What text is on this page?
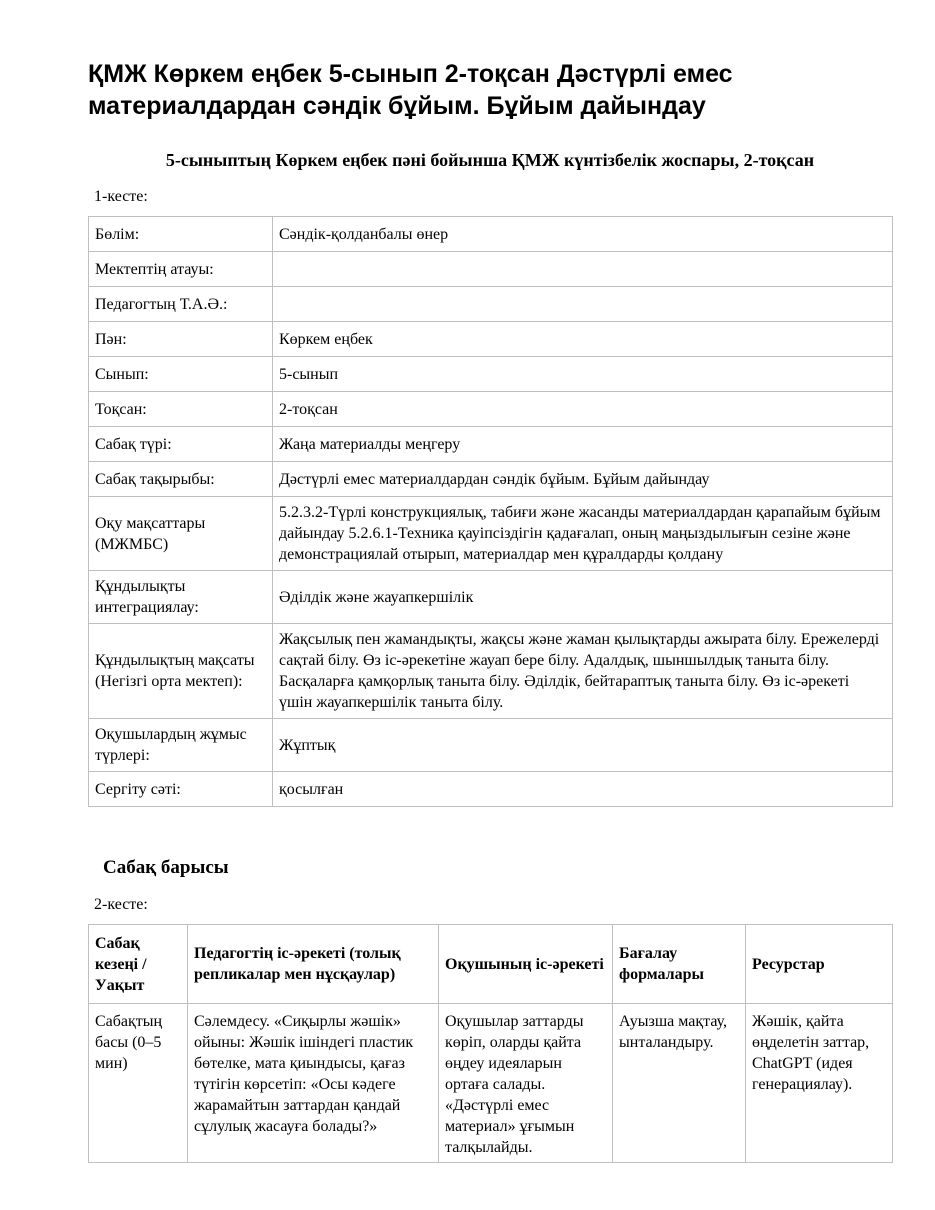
ҚМЖ Көркем еңбек 5-сынып 2-тоқсан Дәстүрлі емес материалдардан сәндік бұйым. Бұйым дайындау

5-сыныптың Көркем еңбек пәні бойынша ҚМЖ күнтізбелік жоспары, 2-тоқсан

1-кесте:

Бөлім:	Сәндік-қолданбалы өнер
Мектептің атауы:	
Педагогтың Т.А.Ә.:	
Пән:	Көркем еңбек
Сынып:	5-сынып
Тоқсан:	2-тоқсан
Сабақ түрі:	Жаңа материалды меңгеру
Сабақ тақырыбы:	Дәстүрлі емес материалдардан сәндік бұйым. Бұйым дайындау
Оқу мақсаттары (МЖМБС)	5.2.3.2-Түрлі конструкциялық, табиғи және жасанды материалдардан қарапайым бұйым дайындау 5.2.6.1-Техника қауіпсіздігін қадағалап, оның маңыздылығын сезіне және демонстрациялай отырып, материалдар мен құралдарды қолдану
Құндылықты интеграциялау:	Әділдік және жауапкершілік
Құндылықтың мақсаты (Негізгі орта мектеп):	Жақсылық пен жамандықты, жақсы және жаман қылықтарды ажырата білу. Ережелерді сақтай білу. Өз іс-әрекетіне жауап бере білу. Адалдық, шыншылдық таныта білу. Басқаларға қамқорлық таныта білу. Әділдік, бейтараптық таныта білу. Өз іс-әрекеті үшін жауапкершілік таныта білу.
Оқушылардың жұмыс түрлері:	Жұптық
Сергіту сәті:	қосылған
Сабақ барысы

2-кесте:

Сабақ кезеңі / Уақыт	Педагогтің іс-әрекеті (толық репликалар мен нұсқаулар)	Оқушының іс-әрекеті	Бағалау формалары	Ресурстар
Сабақтың басы (0–5 мин)	Сәлемдесу. «Сиқырлы жәшік» ойыны: Жәшік ішіндегі пластик бөтелке, мата қиындысы, қағаз түтігін көрсетіп: «Осы кәдеге жарамайтын заттардан қандай сұлулық жасауға болады?»	Оқушылар заттарды көріп, оларды қайта өңдеу идеяларын ортаға салады. «Дәстүрлі емес материал» ұғымын талқылайды.	Ауызша мақтау, ынталандыру.	Жәшік, қайта өңделетін заттар, ChatGPT (идея генерациялау).
